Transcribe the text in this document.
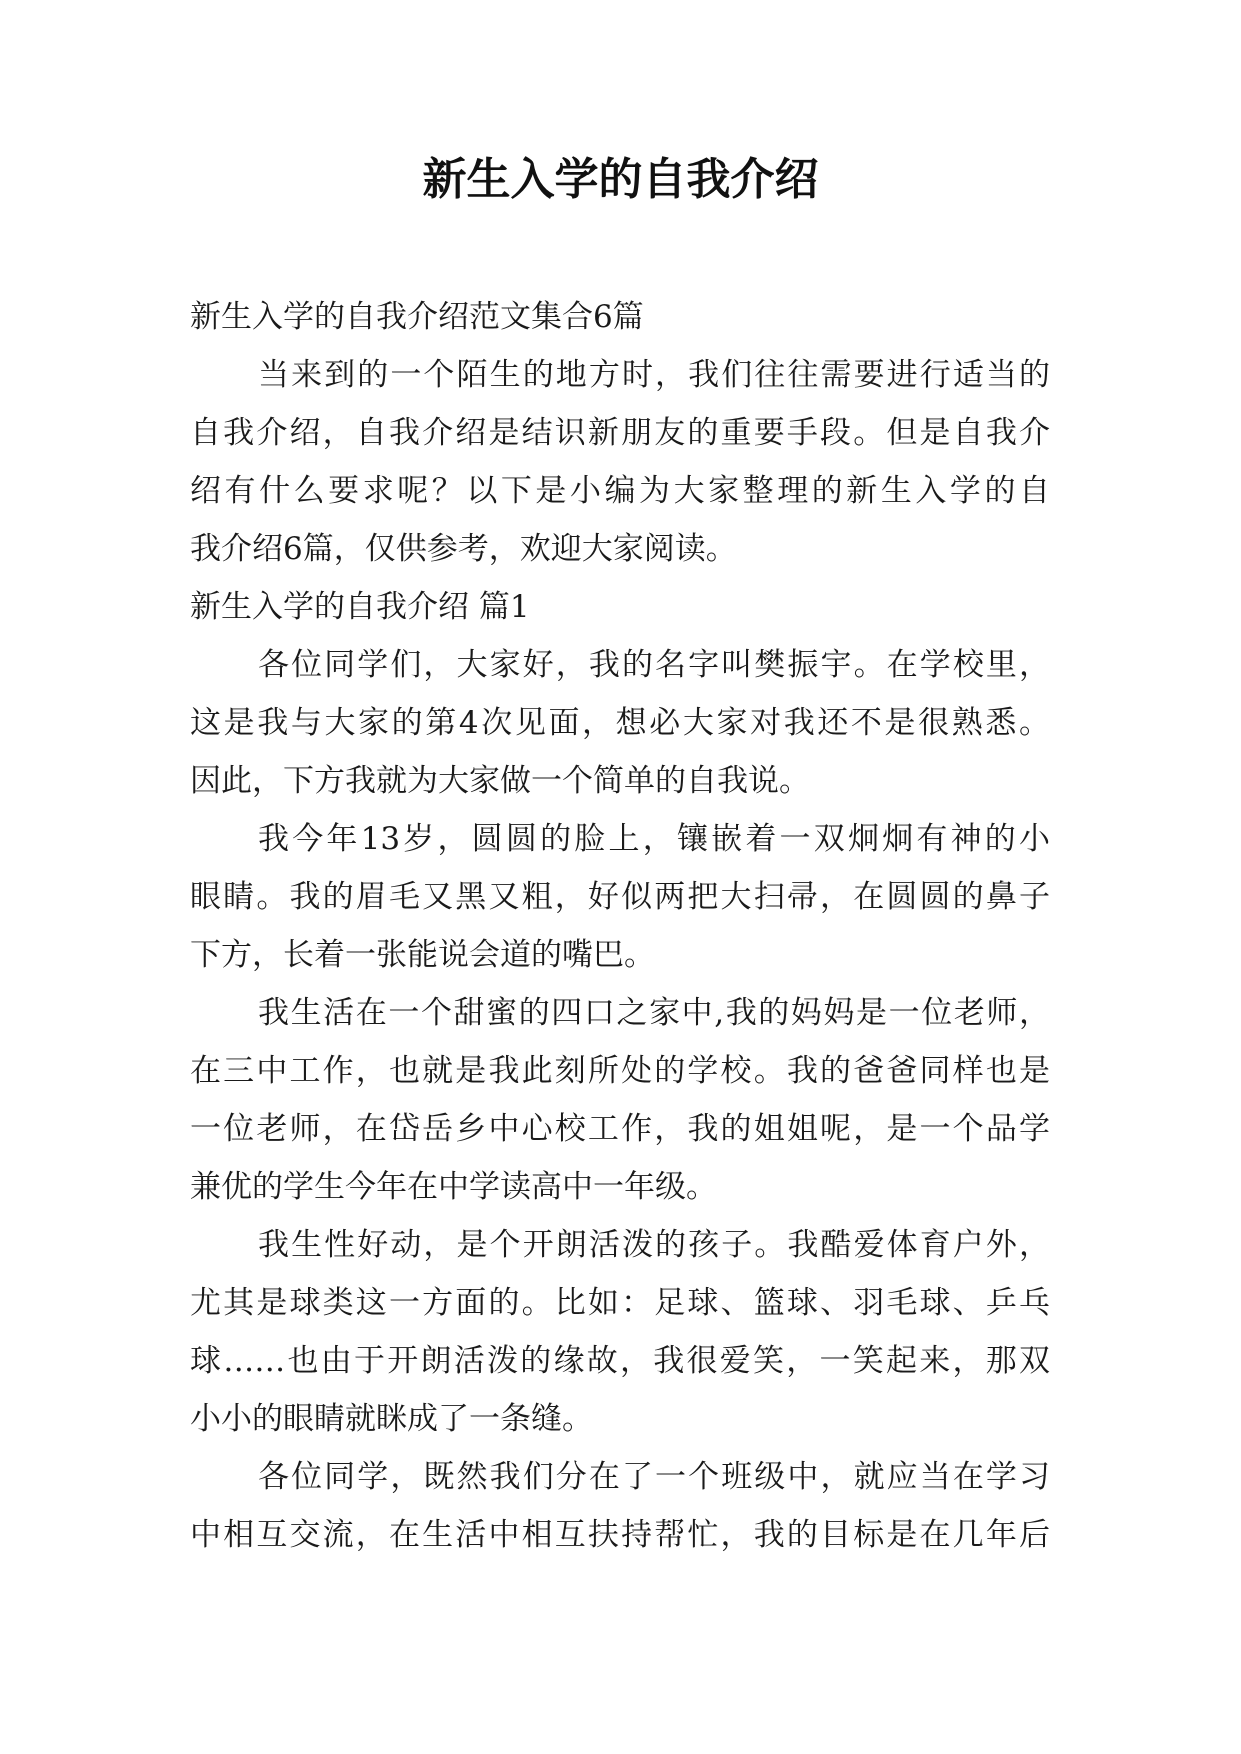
新生入学的自我介绍

新生入学的自我介绍范文集合6篇

当来到的一个陌生的地方时，我们往往需要进行适当的

自我介绍，自我介绍是结识新朋友的重要手段。但是自我介

绍有什么要求呢？以下是小编为大家整理的新生入学的自

我介绍6篇，仅供参考，欢迎大家阅读。

新生入学的自我介绍 篇1

各位同学们，大家好，我的名字叫樊振宇。在学校里，

这是我与大家的第4次见面，想必大家对我还不是很熟悉。

因此，下方我就为大家做一个简单的自我说。

我今年13岁，圆圆的脸上，镶嵌着一双炯炯有神的小

眼睛。我的眉毛又黑又粗，好似两把大扫帚，在圆圆的鼻子

下方，长着一张能说会道的嘴巴。

我生活在一个甜蜜的四口之家中,我的妈妈是一位老师，

在三中工作，也就是我此刻所处的学校。我的爸爸同样也是

一位老师，在岱岳乡中心校工作，我的姐姐呢，是一个品学

兼优的学生今年在中学读高中一年级。

我生性好动，是个开朗活泼的孩子。我酷爱体育户外，

尤其是球类这一方面的。比如：足球、篮球、羽毛球、乒乓

球……也由于开朗活泼的缘故，我很爱笑，一笑起来，那双

小小的眼睛就眯成了一条缝。

各位同学，既然我们分在了一个班级中，就应当在学习

中相互交流，在生活中相互扶持帮忙，我的目标是在几年后
